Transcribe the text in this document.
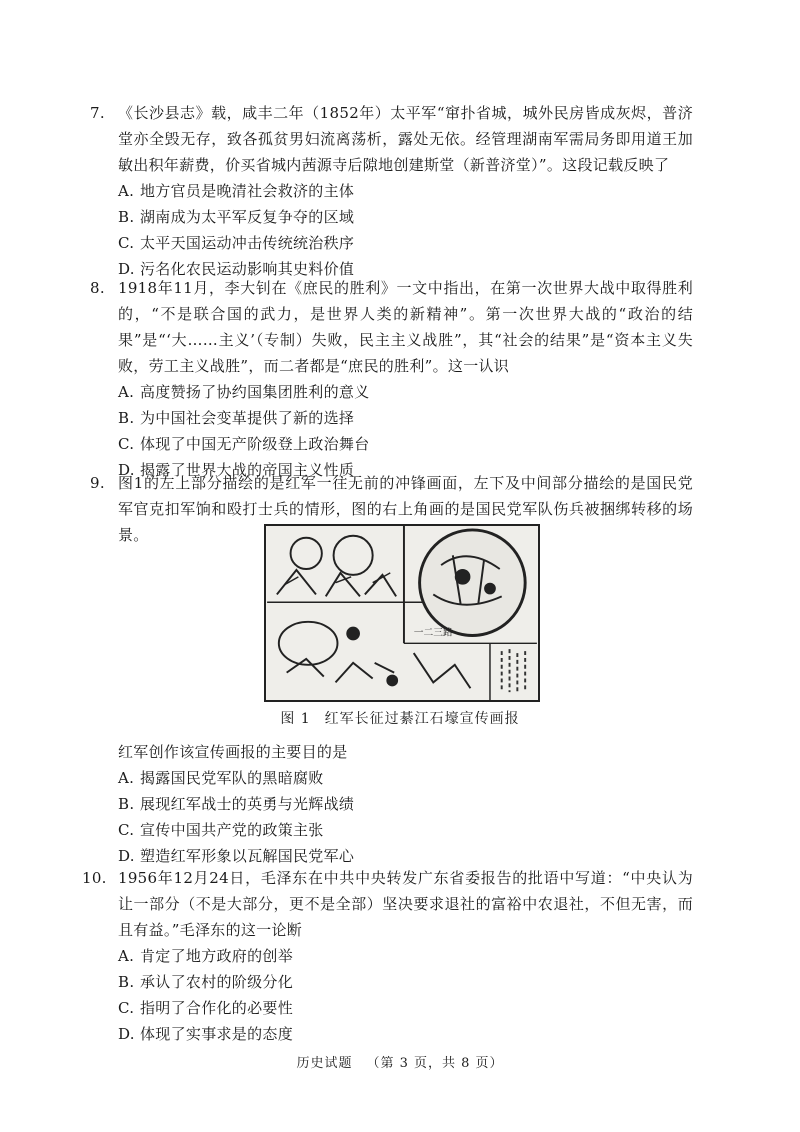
7. 《长沙县志》载，咸丰二年（1852年）太平军“窜扑省城，城外民房皆成灰烬，普济堂亦全毁无存，致各孤贫男妇流离荡析，露处无依。经管理湖南军需局务即用道王加敏出积年薪费，价买省城内茜源寺后隙地创建斯堂（新普济堂）”。这段记载反映了

A. 地方官员是晚清社会救济的主体
B. 湖南成为太平军反复争夺的区域
C. 太平天国运动冲击传统统治秩序
D. 污名化农民运动影响其史料价值
8. 1918年11月，李大钊在《庶民的胜利》一文中指出，在第一次世界大战中取得胜利的，“不是联合国的武力，是世界人类的新精神”。第一次世界大战的“政治的结果”是“‘大……主义’（专制）失败，民主主义战胜”，其“社会的结果”是“资本主义失败，劳工主义战胜”，而二者都是“庶民的胜利”。这一认识

A. 高度赞扬了协约国集团胜利的意义
B. 为中国社会变革提供了新的选择
C. 体现了中国无产阶级登上政治舞台
D. 揭露了世界大战的帝国主义性质
9. 图1的左上部分描绘的是红军一往无前的冲锋画面，左下及中间部分描绘的是国民党军官克扣军饷和殴打士兵的情形，图的右上角画的是国民党军队伤兵被捆绑转移的场景。

一二三路
图 1 红军长征过綦江石壕宣传画报

红军创作该宣传画报的主要目的是

A. 揭露国民党军队的黑暗腐败
B. 展现红军战士的英勇与光辉战绩
C. 宣传中国共产党的政策主张
D. 塑造红军形象以瓦解国民党军心
10. 1956年12月24日，毛泽东在中共中央转发广东省委报告的批语中写道：“中央认为让一部分（不是大部分，更不是全部）坚决要求退社的富裕中农退社，不但无害，而且有益。”毛泽东的这一论断

A. 肯定了地方政府的创举
B. 承认了农村的阶级分化
C. 指明了合作化的必要性
D. 体现了实事求是的态度
历史试题 （第 3 页，共 8 页）
